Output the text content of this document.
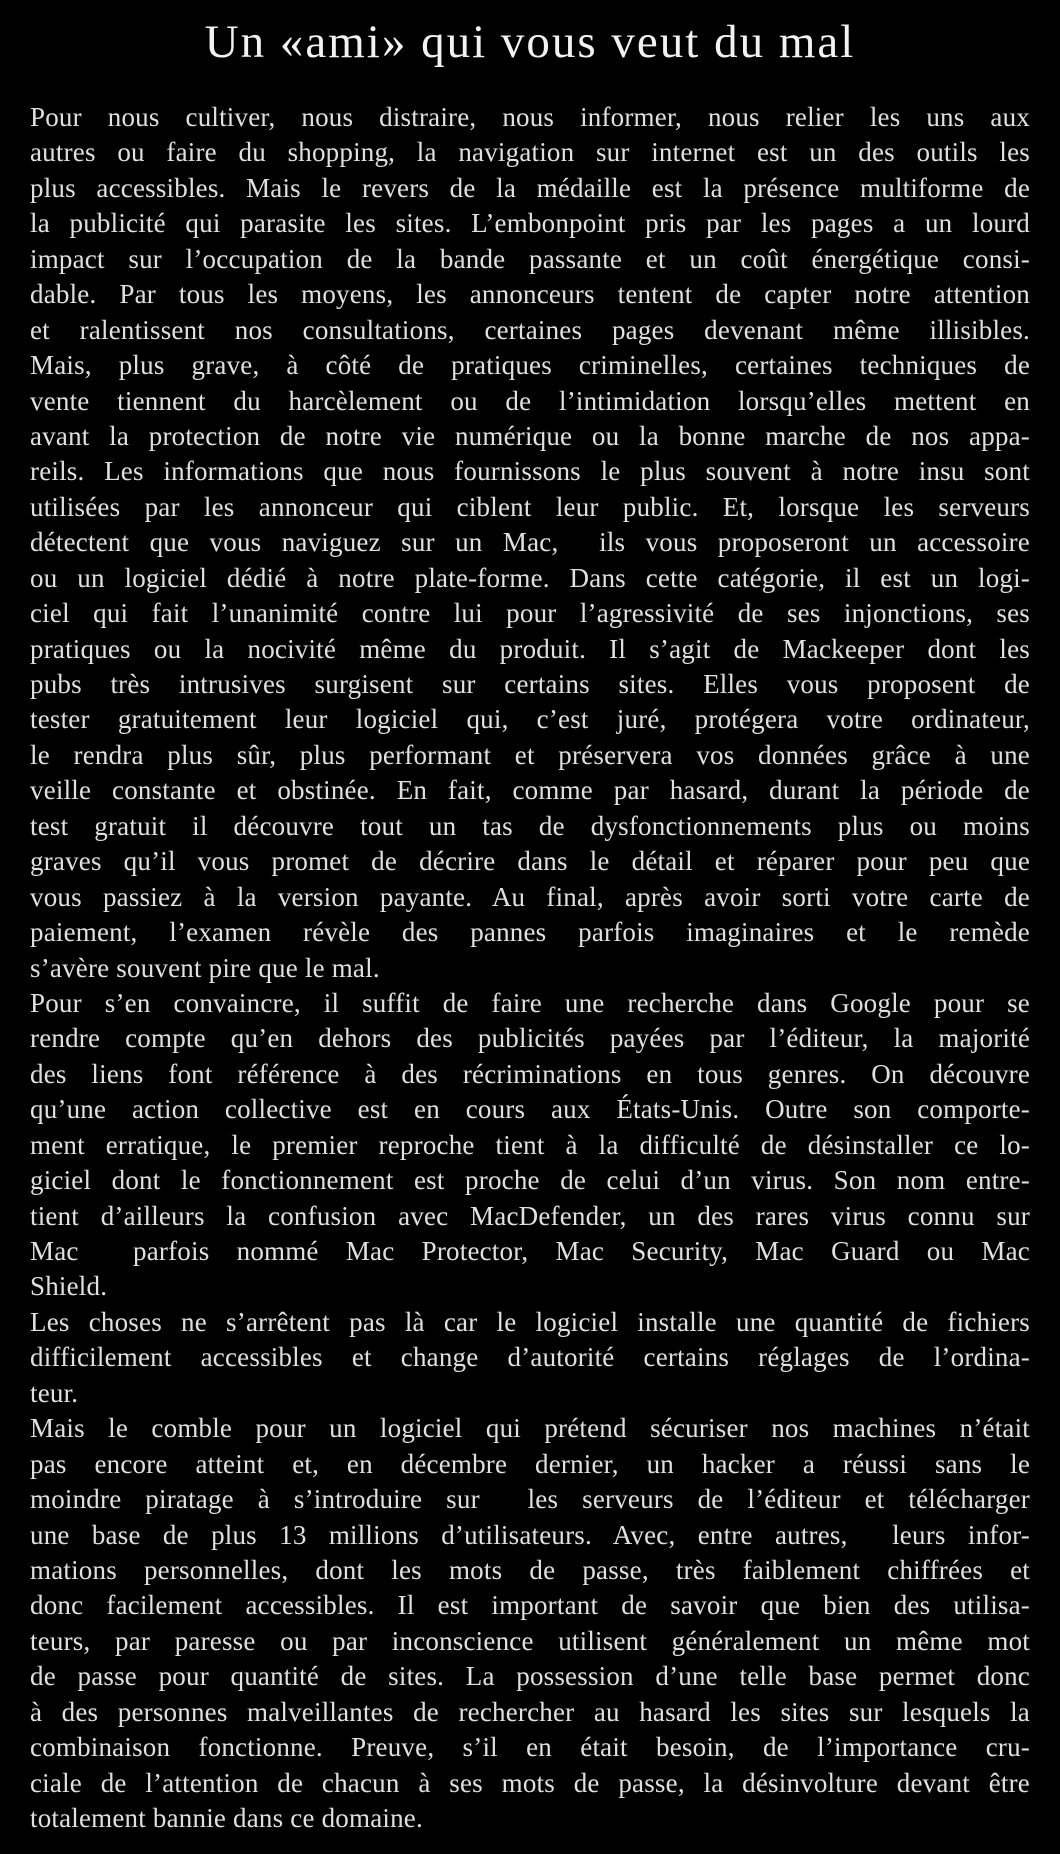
Un «ami» qui vous veut du mal
Pour nous cultiver, nous distraire, nous informer, nous relier les uns aux
autres ou faire du shopping, la navigation sur internet est un des outils les
plus accessibles. Mais le revers de la médaille est la présence multiforme de
la publicité qui parasite les sites. L’embonpoint pris par les pages a un lourd
impact sur l’occupation de la bande passante et un coût énergétique consi-
dable. Par tous les moyens, les annonceurs tentent de capter notre attention
et ralentissent nos consultations, certaines pages devenant même illisibles.
Mais, plus grave, à côté de pratiques criminelles, certaines techniques de
vente tiennent du harcèlement ou de l’intimidation lorsqu’elles mettent en
avant la protection de notre vie numérique ou la bonne marche de nos appa-
reils. Les informations que nous fournissons le plus souvent à notre insu sont
utilisées par les annonceur qui ciblent leur public. Et, lorsque les serveurs
détectent que vous naviguez sur un Mac,  ils vous proposeront un accessoire
ou un logiciel dédié à notre plate-forme. Dans cette catégorie, il est un logi-
ciel qui fait l’unanimité contre lui pour l’agressivité de ses injonctions, ses
pratiques ou la nocivité même du produit. Il s’agit de Mackeeper dont les
pubs très intrusives surgisent sur certains sites. Elles vous proposent de
tester gratuitement leur logiciel qui, c’est juré, protégera votre ordinateur,
le rendra plus sûr, plus performant et préservera vos données grâce à une
veille constante et obstinée. En fait, comme par hasard, durant la période de
test gratuit il découvre tout un tas de dysfonctionnements plus ou moins
graves qu’il vous promet de décrire dans le détail et réparer pour peu que
vous passiez à la version payante. Au final, après avoir sorti votre carte de
paiement, l’examen révèle des pannes parfois imaginaires et le remède
s’avère souvent pire que le mal.
Pour s’en convaincre, il suffit de faire une recherche dans Google pour se
rendre compte qu’en dehors des publicités payées par l’éditeur, la majorité
des liens font référence à des récriminations en tous genres. On découvre
qu’une action collective est en cours aux États-Unis. Outre son comporte-
ment erratique, le premier reproche tient à la difficulté de désinstaller ce lo-
giciel dont le fonctionnement est proche de celui d’un virus. Son nom entre-
tient d’ailleurs la confusion avec MacDefender, un des rares virus connu sur
Mac  parfois nommé Mac Protector, Mac Security, Mac Guard ou Mac
Shield.
Les choses ne s’arrêtent pas là car le logiciel installe une quantité de fichiers
difficilement accessibles et change d’autorité certains réglages de l’ordina-
teur.
Mais le comble pour un logiciel qui prétend sécuriser nos machines n’était
pas encore atteint et, en décembre dernier, un hacker a réussi sans le
moindre piratage à s’introduire sur  les serveurs de l’éditeur et télécharger
une base de plus 13 millions d’utilisateurs. Avec, entre autres,  leurs infor-
mations personnelles, dont les mots de passe, très faiblement chiffrées et
donc facilement accessibles. Il est important de savoir que bien des utilisa-
teurs, par paresse ou par inconscience utilisent généralement un même mot
de passe pour quantité de sites. La possession d’une telle base permet donc
à des personnes malveillantes de rechercher au hasard les sites sur lesquels la
combinaison fonctionne. Preuve, s’il en était besoin, de l’importance cru-
ciale de l’attention de chacun à ses mots de passe, la désinvolture devant être
totalement bannie dans ce domaine.
